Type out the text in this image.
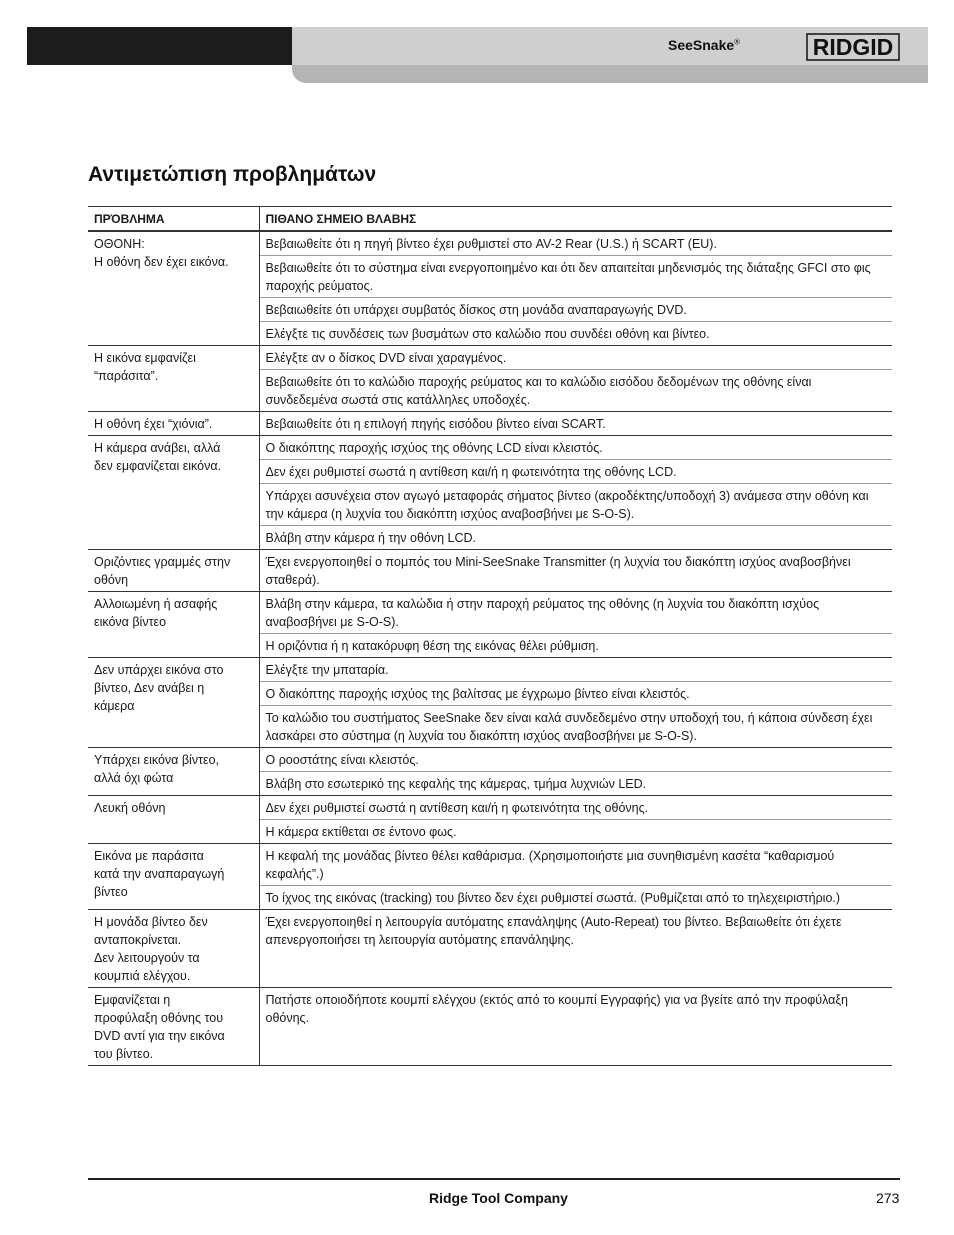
SeeSnake®	RIDGID
Αντιμετώπιση προβλημάτων
ΠΡΌΒΛΗΜΑ	ΠΙΘΑΝΟ ΣΗΜΕΙΟ ΒΛΑΒΗΣ
ΟΘΟΝΗ:
Η οθόνη δεν έχει εικόνα.	Βεβαιωθείτε ότι η πηγή βίντεο έχει ρυθμιστεί στο AV-2 Rear (U.S.) ή SCART (EU).
	Βεβαιωθείτε ότι το σύστημα είναι ενεργοποιημένο και ότι δεν απαιτείται μηδενισμός της διάταξης GFCI στο φις παροχής ρεύματος.
	Βεβαιωθείτε ότι υπάρχει συμβατός δίσκος στη μονάδα αναπαραγωγής DVD.
	Ελέγξτε τις συνδέσεις των βυσμάτων στο καλώδιο που συνδέει οθόνη και βίντεο.
Η εικόνα εμφανίζει
“παράσιτα”.	Ελέγξτε αν ο δίσκος DVD είναι χαραγμένος.
	Βεβαιωθείτε ότι το καλώδιο παροχής ρεύματος και το καλώδιο εισόδου δεδομένων της οθόνης είναι συνδεδεμένα σωστά στις κατάλληλες υποδοχές.
Η οθόνη έχει “χιόνια”.	Βεβαιωθείτε ότι η επιλογή πηγής εισόδου βίντεο είναι SCART.
Η κάμερα ανάβει, αλλά
δεν εμφανίζεται εικόνα.	Ο διακόπτης παροχής ισχύος της οθόνης LCD είναι κλειστός.
	Δεν έχει ρυθμιστεί σωστά η αντίθεση και/ή η φωτεινότητα της οθόνης LCD.
	Υπάρχει ασυνέχεια στον αγωγό μεταφοράς σήματος βίντεο (ακροδέκτης/υποδοχή 3) ανάμεσα στην οθόνη και την κάμερα (η λυχνία του διακόπτη ισχύος αναβοσβήνει με S-O-S).
	Βλάβη στην κάμερα ή την οθόνη LCD.
Οριζόντιες γραμμές στην
οθόνη	Έχει ενεργοποιηθεί ο πομπός του Mini-SeeSnake Transmitter (η λυχνία του διακόπτη ισχύος αναβοσβήνει σταθερά).
Αλλοιωμένη ή ασαφής
εικόνα βίντεο	Βλάβη στην κάμερα, τα καλώδια ή στην παροχή ρεύματος της οθόνης (η λυχνία του διακόπτη ισχύος αναβοσβήνει με S-O-S).
	Η οριζόντια ή η κατακόρυφη θέση της εικόνας θέλει ρύθμιση.
Δεν υπάρχει εικόνα στο
βίντεο, Δεν ανάβει η
κάμερα	Ελέγξτε την μπαταρία.
	Ο διακόπτης παροχής ισχύος της βαλίτσας με έγχρωμο βίντεο είναι κλειστός.
	Το καλώδιο του συστήματος SeeSnake δεν είναι καλά συνδεδεμένο στην υποδοχή του, ή κάποια σύνδεση έχει λασκάρει στο σύστημα (η λυχνία του διακόπτη ισχύος αναβοσβήνει με S-O-S).
Υπάρχει εικόνα βίντεο,
αλλά όχι φώτα	Ο ροοστάτης είναι κλειστός.
	Βλάβη στο εσωτερικό της κεφαλής της κάμερας, τμήμα λυχνιών LED.
Λευκή οθόνη	Δεν έχει ρυθμιστεί σωστά η αντίθεση και/ή η φωτεινότητα της οθόνης.
	Η κάμερα εκτίθεται σε έντονο φως.
Εικόνα με παράσιτα
κατά την αναπαραγωγή
βίντεο	Η κεφαλή της μονάδας βίντεο θέλει καθάρισμα. (Χρησιμοποιήστε μια συνηθισμένη κασέτα “καθαρισμού κεφαλής”.)
	Το ίχνος της εικόνας (tracking) του βίντεο δεν έχει ρυθμιστεί σωστά. (Ρυθμίζεται από το τηλεχειριστήριο.)
Η μονάδα βίντεο δεν
ανταποκρίνεται.
Δεν λειτουργούν τα
κουμπιά ελέγχου.	Έχει ενεργοποιηθεί η λειτουργία αυτόματης επανάληψης (Auto-Repeat) του βίντεο. Βεβαιωθείτε ότι έχετε απενεργοποιήσει τη λειτουργία αυτόματης επανάληψης.
Εμφανίζεται η
προφύλαξη οθόνης του
DVD αντί για την εικόνα
του βίντεο.	Πατήστε οποιοδήποτε κουμπί ελέγχου (εκτός από το κουμπί Εγγραφής) για να βγείτε από την προφύλαξη οθόνης.
Ridge Tool Company	273
